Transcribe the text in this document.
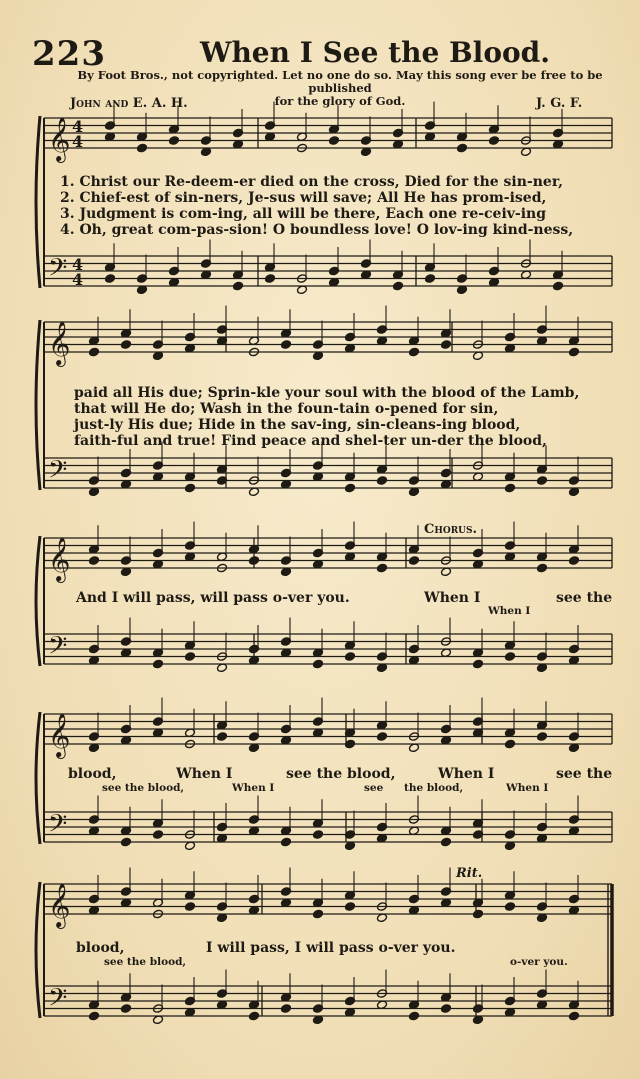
223	When I See the Blood.
By Foot Bros., not copyrighted. Let no one do so. May this song ever be free to be published
for the glory of God.
John and E. A. H.	J. G. F.
𝄞
𝄢
4
4
4
4
𝄞
𝄢
𝄞
𝄢
𝄞
𝄢
𝄞
𝄢
1. Christ our Re-deem-er died on the cross, Died for the sin-ner,
2. Chief-est of sin-ners, Je-sus will save; All He has prom-ised,
3. Judgment is com-ing, all will be there, Each one re-ceiv-ing
4. Oh, great com-pas-sion! O boundless love! O lov-ing kind-ness,
paid all His due; Sprin-kle your soul with the blood of the Lamb,
that will He do; Wash in the foun-tain o-pened for sin,
just-ly His due; Hide in the sav-ing, sin-cleans-ing blood,
faith-ful and true! Find peace and shel-ter un-der the blood,
Chorus.
And I will pass, will pass o-ver you.	When I	see the
When I
blood,	When I	see the blood,	When I	see the
see the blood,	When I	see the blood,	When I
Rit.
blood,	I will pass, I will pass o-ver you.
see the blood,	o-ver you.
